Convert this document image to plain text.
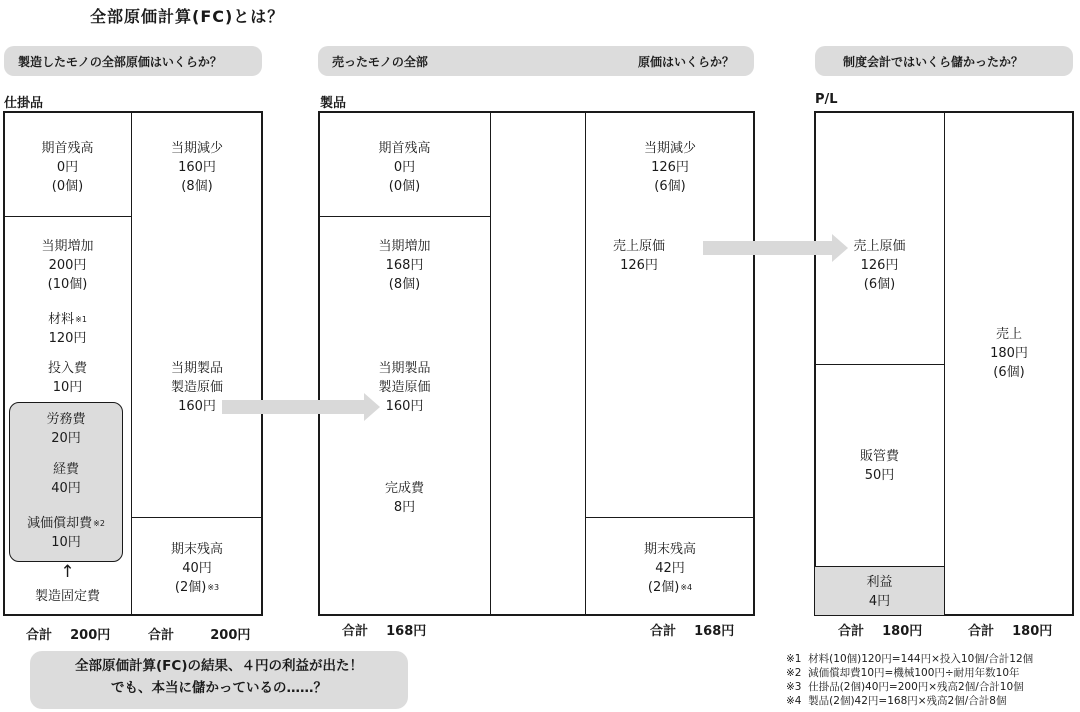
全部原価計算(FC)とは？
製造したモノの全部原価はいくらか？	売ったモノの全部	原価はいくらか？	制度会計ではいくら儲かったか？
仕掛品	製品	P/L
期首残高
0円
(0個)
当期増加
200円
(10個)
材料$^{※1}$
120円
投入費
10円
労務費
20円
経費
40円
減価償却費$^{※2}$
10円
↑
製造固定費
当期減少
160円
(8個)
当期製品
製造原価
160円
期末残高
40円
(2個)$^{※3}$
合計 200円	合計	200円
期首残高
0円
(0個)
当期増加
168円
(8個)
当期製品
製造原価
160円
完成費
8円
当期減少
126円
(6個)
売上原価
126円
期末残高
42円
(2個)$^{※4}$
合計 168円	合計 168円
売上原価
126円
(6個)
販管費
50円
利益
4円
売上
180円
(6個)
合計 180円	合計 180円
全部原価計算(FC)の結果、４円の利益が出た！
でも、本当に儲かっているの……？
※1 材料(10個)120円=144円×投入10個/合計12個
※2 減価償却費10円=機械100円÷耐用年数10年
※3 仕掛品(2個)40円=200円×残高2個/合計10個
※4 製品(2個)42円=168円×残高2個/合計8個
